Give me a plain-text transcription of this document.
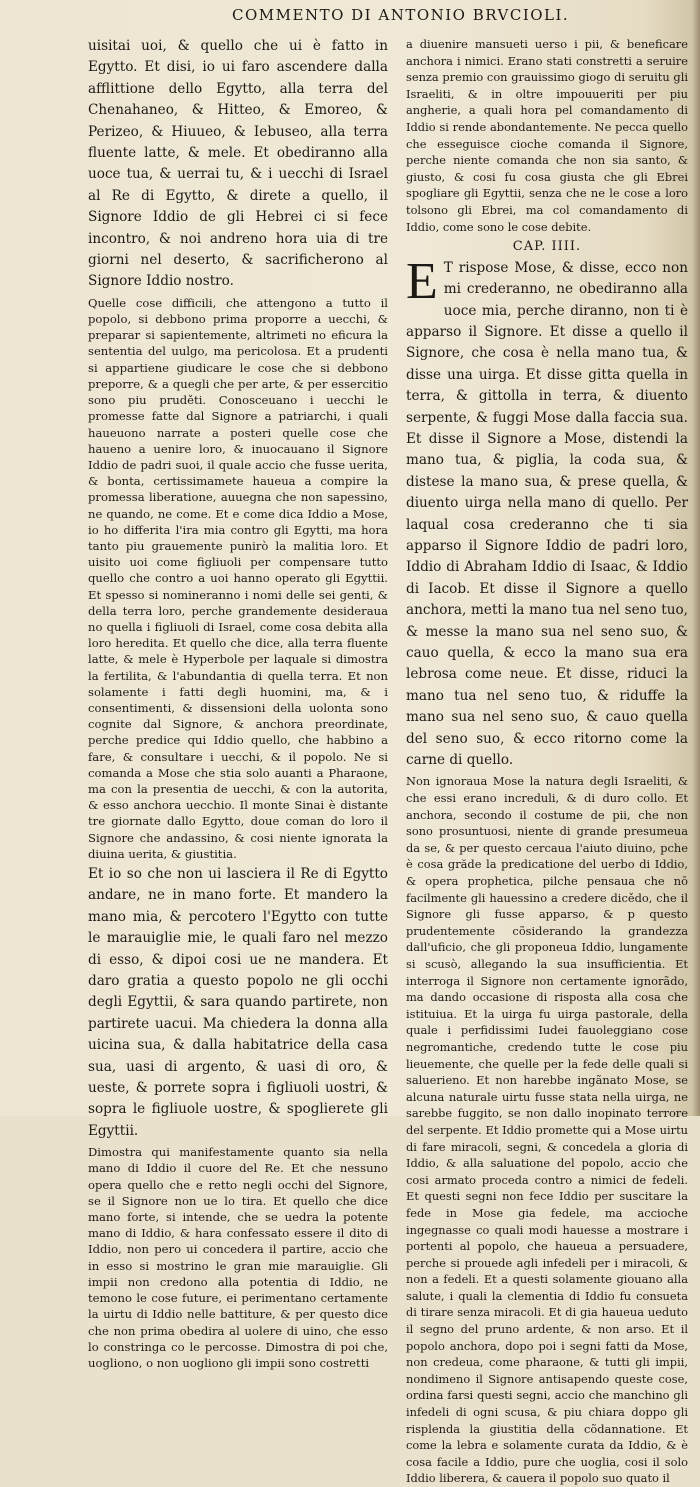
COMMENTO DI ANTONIO BRVCIOLI.

uisitai uoi, & quello che ui è fatto in Egytto. Et disi, io ui faro ascendere dalla afflittione dello Egytto, alla terra del Chenahaneo, & Hitteo, & Emoreo, & Perizeo, & Hiuueo, & Iebuseo, alla terra fluente latte, & mele. Et obediranno alla uoce tua, & uerrai tu, & i uecchi di Israel al Re di Egytto, & direte a quello, il Signore Iddio de gli Hebrei ci si fece incontro, & noi andreno hora uia di tre giorni nel deserto, & sacrificherono al Signore Iddio nostro.

Quelle cose difficili, che attengono a tutto il popolo, si debbono prima proporre a uecchi, & preparar si sapientemente, altrimeti no eficura la sententia del uulgo, ma pericolosa. Et a prudenti si appartiene giudicare le cose che si debbono preporre, & a quegli che per arte, & per essercitio sono piu pruděti. Conosceuano i uecchi le promesse fatte dal Signore a patriarchi, i quali haueuono narrate a posteri quelle cose che haueno a uenire loro, & inuocauano il Signore Iddio de padri suoi, il quale accio che fusse uerita, & bonta, certissimamete haueua a compire la promessa liberatione, auuegna che non sapessino, ne quando, ne come. Et e come dica Iddio a Mose, io ho differita l'ira mia contro gli Egytti, ma hora tanto piu grauemente punirò la malitia loro. Et uisito uoi come figliuoli per compensare tutto quello che contro a uoi hanno operato gli Egyttii. Et spesso si nomineranno i nomi delle sei genti, & della terra loro, perche grandemente desideraua no quella i figliuoli di Israel, come cosa debita alla loro heredita. Et quello che dice, alla terra fluente latte, & mele è Hyperbole per laquale si dimostra la fertilita, & l'abundantia di quella terra. Et non solamente i fatti degli huomini, ma, & i consentimenti, & dissensioni della uolonta sono cognite dal Signore, & anchora preordinate, perche predice qui Iddio quello, che habbino a fare, & consultare i uecchi, & il popolo. Ne si comanda a Mose che stia solo auanti a Pharaone, ma con la presentia de uecchi, & con la autorita, & esso anchora uecchio. Il monte Sinai è distante tre giornate dallo Egytto, doue coman do loro il Signore che andassino, & cosi niente ignorata la diuina uerita, & giustitia.

Et io so che non ui lasciera il Re di Egytto andare, ne in mano forte. Et mandero la mano mia, & percotero l'Egytto con tutte le marauiglie mie, le quali faro nel mezzo di esso, & dipoi cosi ue ne mandera. Et daro gratia a questo popolo ne gli occhi degli Egyttii, & sara quando partirete, non partirete uacui. Ma chiedera la donna alla uicina sua, & dalla habitatrice della casa sua, uasi di argento, & uasi di oro, & ueste, & porrete sopra i figliuoli uostri, & sopra le figliuole uostre, & spoglierete gli Egyttii.

Dimostra qui manifestamente quanto sia nella mano di Iddio il cuore del Re. Et che nessuno opera quello che e retto negli occhi del Signore, se il Signore non ue lo tira. Et quello che dice mano forte, si intende, che se uedra la potente mano di Iddio, & hara confessato essere il dito di Iddio, non pero ui concedera il partire, accio che in esso si mostrino le gran mie marauiglie. Gli impii non credono alla potentia di Iddio, ne temono le cose future, ei perimentano certamente la uirtu di Iddio nelle battiture, & per questo dice che non prima obedira al uolere di uino, che esso lo constringa co le percosse. Dimostra di poi che, uogliono, o non uogliono gli impii sono costretti

a diuenire mansueti uerso i pii, & beneficare anchora i nimici. Erano stati constretti a seruire senza premio con grauissimo giogo di seruitu gli Israeliti, & in oltre impouueriti per piu angherie, a quali hora pel comandamento di Iddio si rende abondantemente. Ne pecca quello che esseguisce cioche comanda il Signore, perche niente comanda che non sia santo, & giusto, & cosi fu cosa giusta che gli Ebrei spogliare gli Egyttii, senza che ne le cose a loro tolsono gli Ebrei, ma col comandamento di Iddio, come sono le cose debite.

CAP. IIII.

E T rispose Mose, & disse, ecco non mi crederanno, ne obediranno alla uoce mia, perche diranno, non ti è apparso il Signore. Et disse a quello il Signore, che cosa è nella mano tua, & disse una uirga. Et disse gitta quella in terra, & gittolla in terra, & diuento serpente, & fuggi Mose dalla faccia sua. Et disse il Signore a Mose, distendi la mano tua, & piglia, la coda sua, & distese la mano sua, & prese quella, & diuento uirga nella mano di quello. Per laqual cosa crederanno che ti sia apparso il Signore Iddio de padri loro, Iddio di Abraham Iddio di Isaac, & Iddio di Iacob. Et disse il Signore a quello anchora, metti la mano tua nel seno tuo, & messe la mano sua nel seno suo, & cauo quella, & ecco la mano sua era lebrosa come neue. Et disse, riduci la mano tua nel seno tuo, & riduffe la mano sua nel seno suo, & cauo quella del seno suo, & ecco ritorno come la carne di quello.

Non ignoraua Mose la natura degli Israeliti, & che essi erano increduli, & di duro collo. Et anchora, secondo il costume de pii, che non sono prosuntuosi, niente di grande presumeua da se, & per questo cercaua l'aiuto diuino, pche è cosa grăde la predicatione del uerbo di Iddio, & opera prophetica, pilche pensaua che nō facilmente gli hauessino a credere dicědo, che il Signore gli fusse apparso, & p questo prudentemente cõsiderando la grandezza dall'uficio, che gli proponeua Iddio, lungamente si scusò, allegando la sua insufficientia. Et interroga il Signore non certamente ignorãdo, ma dando occasione di risposta alla cosa che istituiua. Et la uirga fu uirga pastorale, della quale i perfidissimi Iudei fauoleggiano cose negromantiche, credendo tutte le cose piu lieuemente, che quelle per la fede delle quali si saluerieno. Et non harebbe ingãnato Mose, se alcuna naturale uirtu fusse stata nella uirga, ne sarebbe fuggito, se non dallo inopinato terrore del serpente. Et Iddio promette qui a Mose uirtu di fare miracoli, segni, & concedela a gloria di Iddio, & alla saluatione del popolo, accio che cosi armato proceda contro a nimici de fedeli. Et questi segni non fece Iddio per suscitare la fede in Mose gia fedele, ma accioche ingegnasse co quali modi hauesse a mostrare i portenti al popolo, che haueua a persuadere, perche si prouede agli infedeli per i miracoli, & non a fedeli. Et a questi solamente giouano alla salute, i quali la clementia di Iddio fu consueta di tirare senza miracoli. Et di gia haueua ueduto il segno del pruno ardente, & non arso. Et il popolo anchora, dopo poi i segni fatti da Mose, non credeua, come pharaone, & tutti gli impii, nondimeno il Signore antisapendo queste cose, ordina farsi questi segni, accio che manchino gli infedeli di ogni scusa, & piu chiara doppo gli risplenda la giustitia della cõdannatione. Et come la lebra e solamente curata da Iddio, & è cosa facile a Iddio, pure che uoglia, cosi il solo Iddio liberera, & cauera il popolo suo quato il
